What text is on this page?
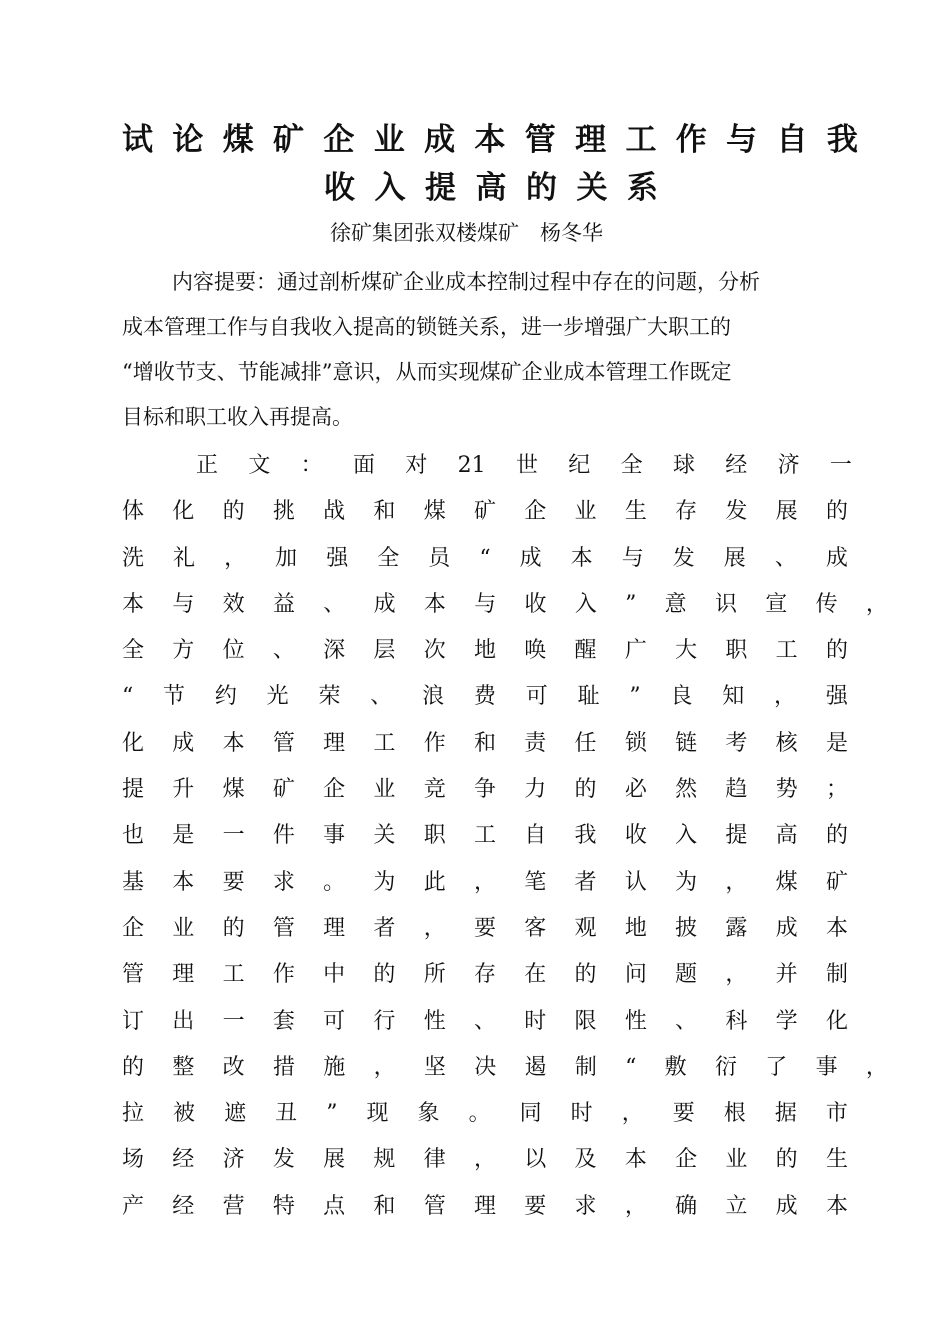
试 论 煤 矿 企 业 成 本 管 理 工 作 与 自 我
收 入 提 高 的 关 系
徐矿集团张双楼煤矿　杨冬华
内容提要：通过剖析煤矿企业成本控制过程中存在的问题，分析
成本管理工作与自我收入提高的锁链关系，进一步增强广大职工的
“增收节支、节能减排”意识，从而实现煤矿企业成本管理工作既定
目标和职工收入再提高。
正 文 ： 面 对 21 世 纪 全 球 经 济 一
体 化 的 挑 战 和 煤 矿 企 业 生 存 发 展 的
洗 礼 ， 加 强 全 员 “ 成 本 与 发 展 、 成
本 与 效 益 、 成 本 与 收 入 ” 意 识 宣 传 ，
全 方 位 、 深 层 次 地 唤 醒 广 大 职 工 的
“ 节 约 光 荣 、 浪 费 可 耻 ” 良 知 ， 强
化 成 本 管 理 工 作 和 责 任 锁 链 考 核 是
提 升 煤 矿 企 业 竞 争 力 的 必 然 趋 势 ；
也 是 一 件 事 关 职 工 自 我 收 入 提 高 的
基 本 要 求 。 为 此 ， 笔 者 认 为 ， 煤 矿
企 业 的 管 理 者 ， 要 客 观 地 披 露 成 本
管 理 工 作 中 的 所 存 在 的 问 题 ， 并 制
订 出 一 套 可 行 性 、 时 限 性 、 科 学 化
的 整 改 措 施 ， 坚 决 遏 制 “ 敷 衍 了 事 ，
拉 被 遮 丑 ” 现 象 。 同 时 ， 要 根 据 市
场 经 济 发 展 规 律 ， 以 及 本 企 业 的 生
产 经 营 特 点 和 管 理 要 求 ， 确 立 成 本
